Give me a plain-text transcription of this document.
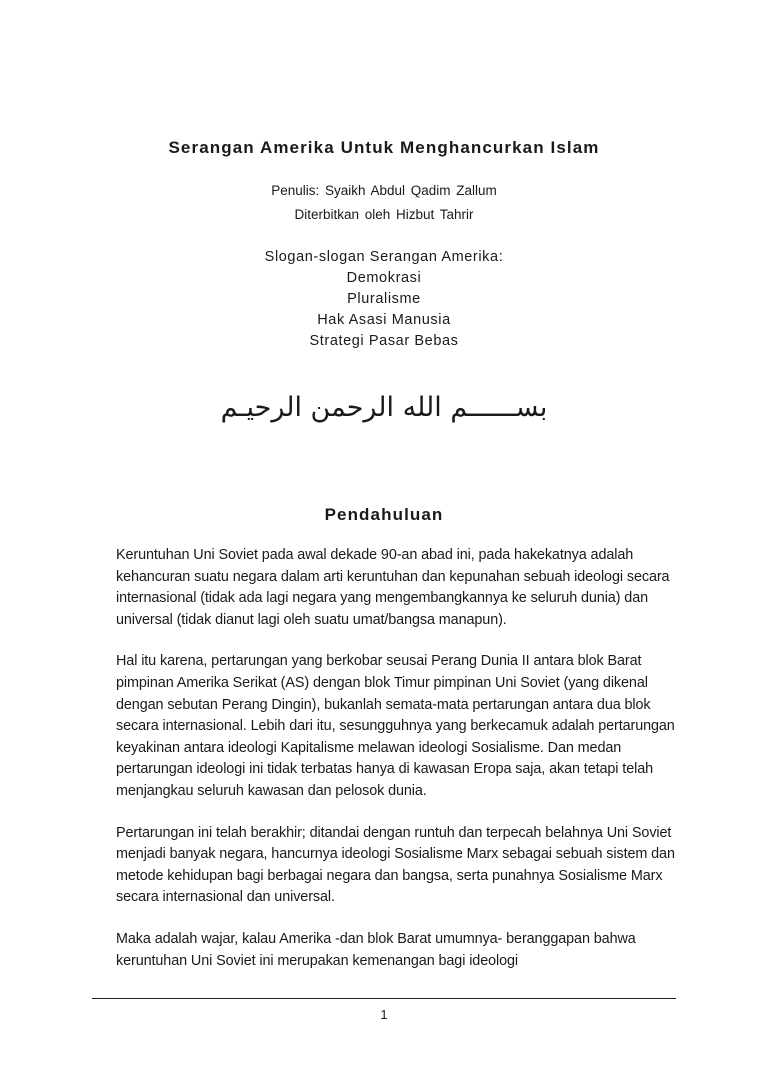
Serangan Amerika Untuk Menghancurkan Islam
Penulis: Syaikh Abdul Qadim Zallum
Diterbitkan oleh Hizbut Tahrir
Slogan-slogan Serangan Amerika:
Demokrasi
Pluralisme
Hak Asasi Manusia
Strategi Pasar Bebas
بســــــم الله الرحمن الرحيـم
Pendahuluan

Keruntuhan Uni Soviet pada awal dekade 90-an abad ini, pada hakekatnya adalah kehancuran suatu negara dalam arti keruntuhan dan kepunahan sebuah ideologi secara internasional (tidak ada lagi negara yang mengembangkannya ke seluruh dunia) dan universal (tidak dianut lagi oleh suatu umat/bangsa manapun).

Hal itu karena, pertarungan yang berkobar seusai Perang Dunia II antara blok Barat pimpinan Amerika Serikat (AS) dengan blok Timur pimpinan Uni Soviet (yang dikenal dengan sebutan Perang Dingin), bukanlah semata-mata pertarungan antara dua blok secara internasional. Lebih dari itu, sesungguhnya yang berkecamuk adalah pertarungan keyakinan antara ideologi Kapitalisme melawan ideologi Sosialisme. Dan medan pertarungan ideologi ini tidak terbatas hanya di kawasan Eropa saja, akan tetapi telah menjangkau seluruh kawasan dan pelosok dunia.

Pertarungan ini telah berakhir; ditandai dengan runtuh dan terpecah belahnya Uni Soviet menjadi banyak negara, hancurnya ideologi Sosialisme Marx sebagai sebuah sistem dan metode kehidupan bagi berbagai negara dan bangsa, serta punahnya Sosialisme Marx secara internasional dan universal.

Maka adalah wajar, kalau Amerika -dan blok Barat umumnya- beranggapan bahwa keruntuhan Uni Soviet ini merupakan kemenangan bagi ideologi

1
